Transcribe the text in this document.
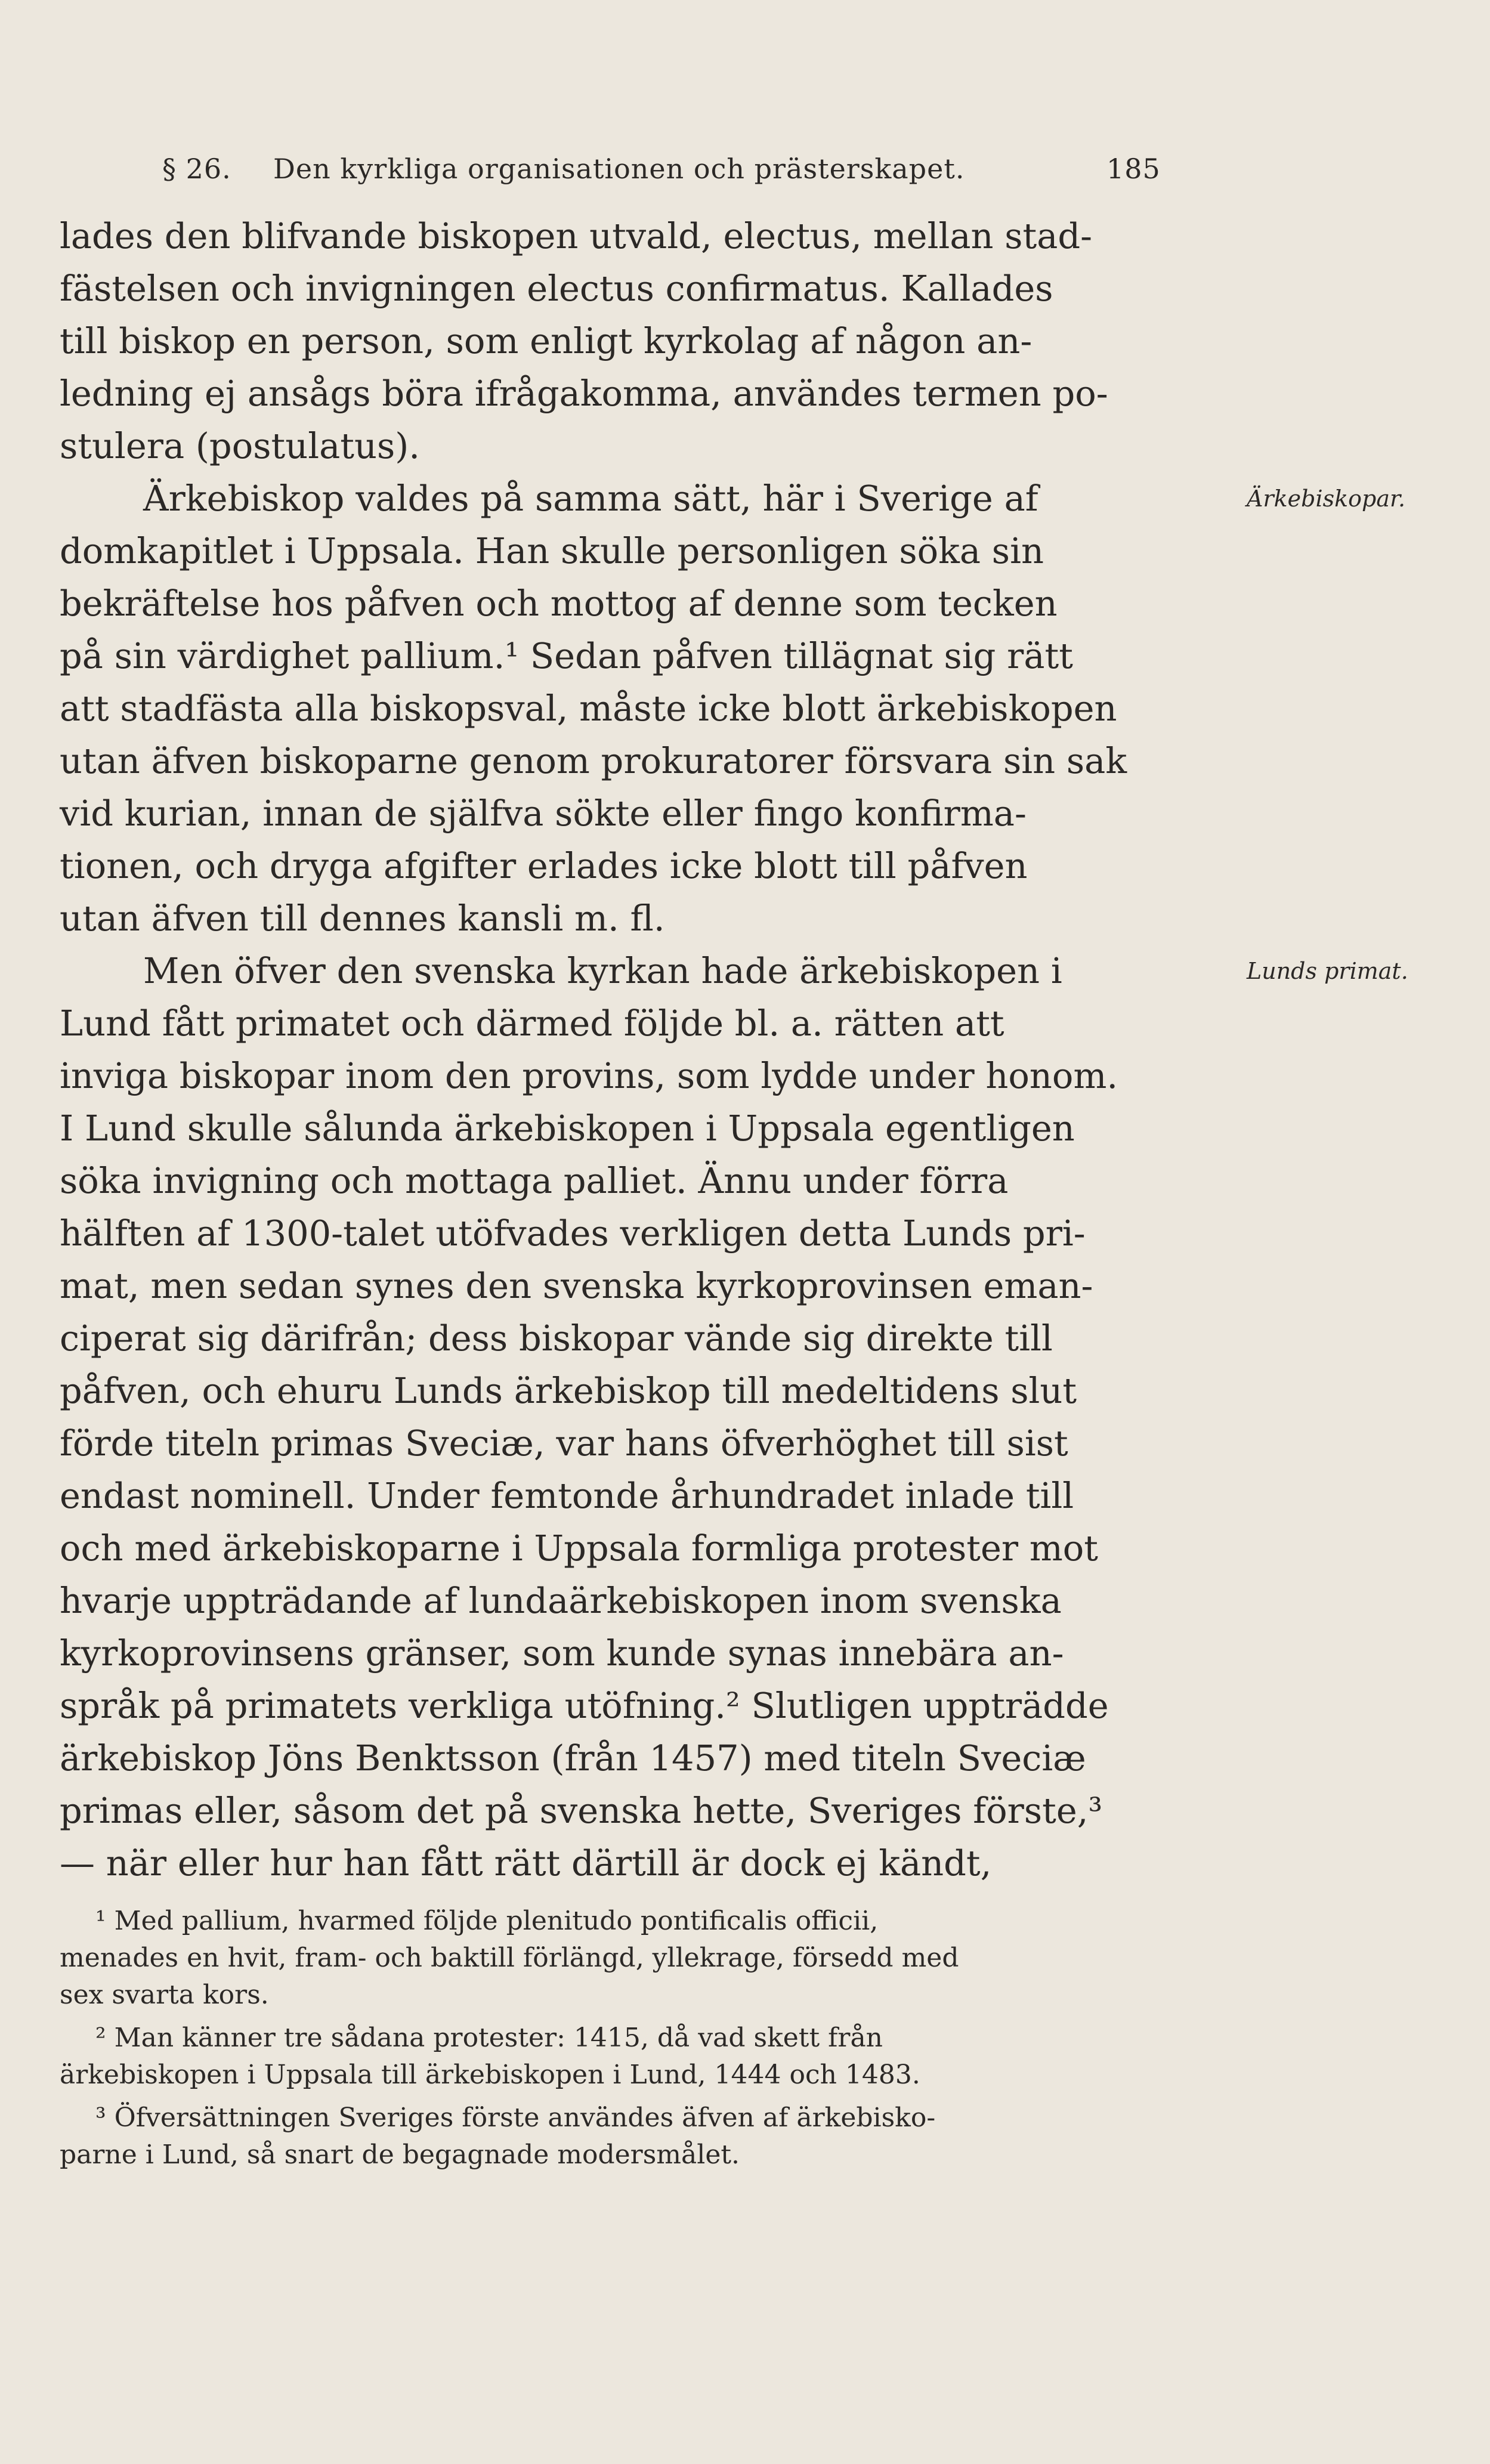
§ 26. Den kyrkliga organisationen och prästerskapet.	185
lades den blifvande biskopen utvald, electus, mellan stad-
fästelsen och invigningen electus confirmatus. Kallades
till biskop en person, som enligt kyrkolag af någon an-
ledning ej ansågs böra ifrågakomma, användes termen po-
stulera (postulatus).
Ärkebiskop valdes på samma sätt, här i Sverige af	Ärkebiskopar.
domkapitlet i Uppsala. Han skulle personligen söka sin
bekräftelse hos påfven och mottog af denne som tecken
på sin värdighet pallium.¹ Sedan påfven tillägnat sig rätt
att stadfästa alla biskopsval, måste icke blott ärkebiskopen
utan äfven biskoparne genom prokuratorer försvara sin sak
vid kurian, innan de själfva sökte eller fingo konfirma-
tionen, och dryga afgifter erlades icke blott till påfven
utan äfven till dennes kansli m. fl.
Men öfver den svenska kyrkan hade ärkebiskopen i	Lunds primat.
Lund fått primatet och därmed följde bl. a. rätten att
inviga biskopar inom den provins, som lydde under honom.
I Lund skulle sålunda ärkebiskopen i Uppsala egentligen
söka invigning och mottaga palliet. Ännu under förra
hälften af 1300-talet utöfvades verkligen detta Lunds pri-
mat, men sedan synes den svenska kyrkoprovinsen eman-
ciperat sig därifrån; dess biskopar vände sig direkte till
påfven, och ehuru Lunds ärkebiskop till medeltidens slut
förde titeln primas Sveciæ, var hans öfverhöghet till sist
endast nominell. Under femtonde århundradet inlade till
och med ärkebiskoparne i Uppsala formliga protester mot
hvarje uppträdande af lundaärkebiskopen inom svenska
kyrkoprovinsens gränser, som kunde synas innebära an-
språk på primatets verkliga utöfning.² Slutligen uppträdde
ärkebiskop Jöns Benktsson (från 1457) med titeln Sveciæ
primas eller, såsom det på svenska hette, Sveriges förste,³
— när eller hur han fått rätt därtill är dock ej kändt,
¹ Med pallium, hvarmed följde plenitudo pontificalis officii,
menades en hvit, fram- och baktill förlängd, yllekrage, försedd med
sex svarta kors.
² Man känner tre sådana protester: 1415, då vad skett från
ärkebiskopen i Uppsala till ärkebiskopen i Lund, 1444 och 1483.
³ Öfversättningen Sveriges förste användes äfven af ärkebisko-
parne i Lund, så snart de begagnade modersmålet.
